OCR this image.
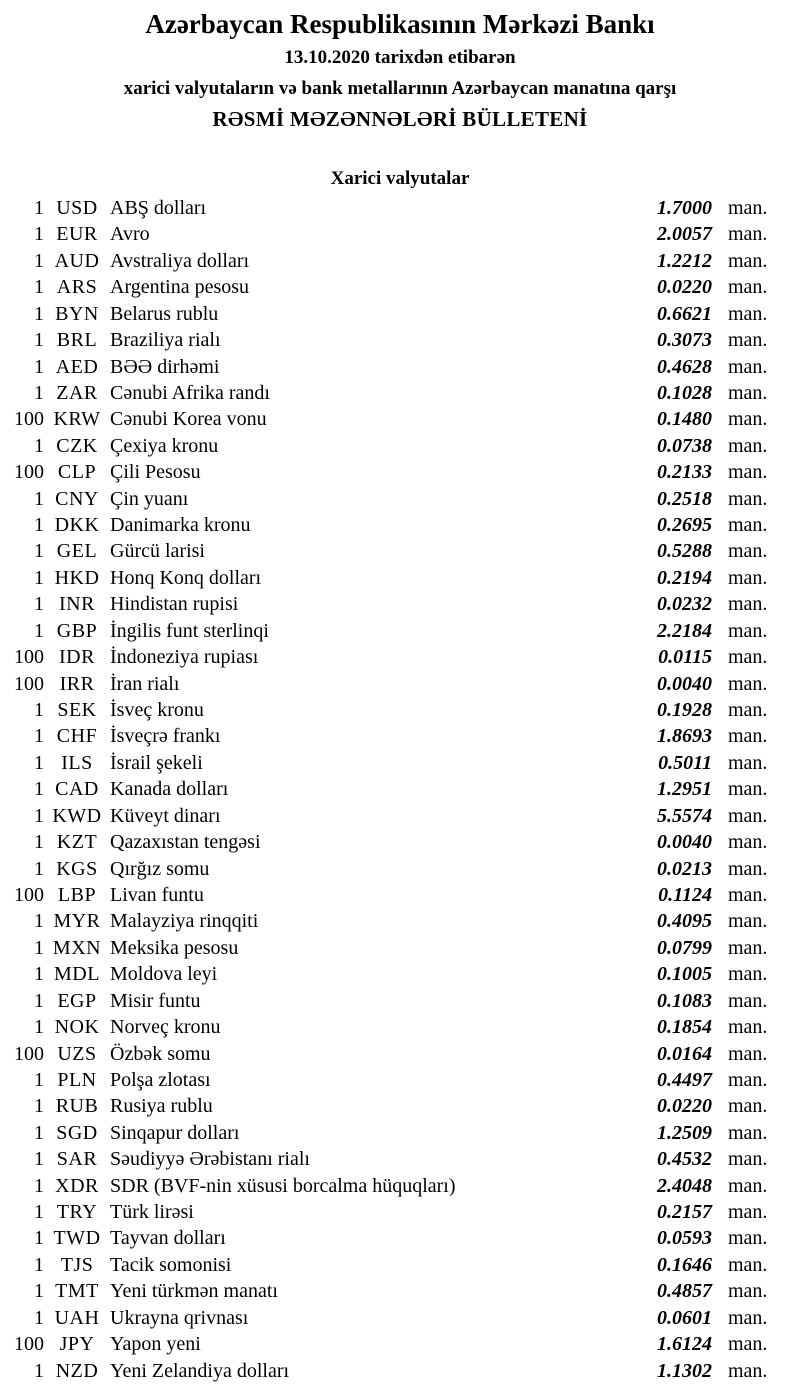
Azərbaycan Respublikasının Mərkəzi Bankı
13.10.2020 tarixdən etibarən
xarici valyutaların və bank metallarının Azərbaycan manatına qarşı
RƏSMİ MƏZƏNNƏLƏRİ BÜLLETENİ
Xarici valyutalar
1	USD	ABŞ dolları	1.7000	man.
1	EUR	Avro	2.0057	man.
1	AUD	Avstraliya dolları	1.2212	man.
1	ARS	Argentina pesosu	0.0220	man.
1	BYN	Belarus rublu	0.6621	man.
1	BRL	Braziliya rialı	0.3073	man.
1	AED	BƏƏ dirhəmi	0.4628	man.
1	ZAR	Cənubi Afrika randı	0.1028	man.
100	KRW	Cənubi Korea vonu	0.1480	man.
1	CZK	Çexiya kronu	0.0738	man.
100	CLP	Çili Pesosu	0.2133	man.
1	CNY	Çin yuanı	0.2518	man.
1	DKK	Danimarka kronu	0.2695	man.
1	GEL	Gürcü larisi	0.5288	man.
1	HKD	Honq Konq dolları	0.2194	man.
1	INR	Hindistan rupisi	0.0232	man.
1	GBP	İngilis funt sterlinqi	2.2184	man.
100	IDR	İndoneziya rupiası	0.0115	man.
100	IRR	İran rialı	0.0040	man.
1	SEK	İsveç kronu	0.1928	man.
1	CHF	İsveçrə frankı	1.8693	man.
1	ILS	İsrail şekeli	0.5011	man.
1	CAD	Kanada dolları	1.2951	man.
1	KWD	Küveyt dinarı	5.5574	man.
1	KZT	Qazaxıstan tengəsi	0.0040	man.
1	KGS	Qırğız somu	0.0213	man.
100	LBP	Livan funtu	0.1124	man.
1	MYR	Malayziya rinqqiti	0.4095	man.
1	MXN	Meksika pesosu	0.0799	man.
1	MDL	Moldova leyi	0.1005	man.
1	EGP	Misir funtu	0.1083	man.
1	NOK	Norveç kronu	0.1854	man.
100	UZS	Özbək somu	0.0164	man.
1	PLN	Polşa zlotası	0.4497	man.
1	RUB	Rusiya rublu	0.0220	man.
1	SGD	Sinqapur dolları	1.2509	man.
1	SAR	Səudiyyə Ərəbistanı rialı	0.4532	man.
1	XDR	SDR (BVF-nin xüsusi borcalma hüquqları)	2.4048	man.
1	TRY	Türk lirəsi	0.2157	man.
1	TWD	Tayvan dolları	0.0593	man.
1	TJS	Tacik somonisi	0.1646	man.
1	TMT	Yeni türkmən manatı	0.4857	man.
1	UAH	Ukrayna qrivnası	0.0601	man.
100	JPY	Yapon yeni	1.6124	man.
1	NZD	Yeni Zelandiya dolları	1.1302	man.
